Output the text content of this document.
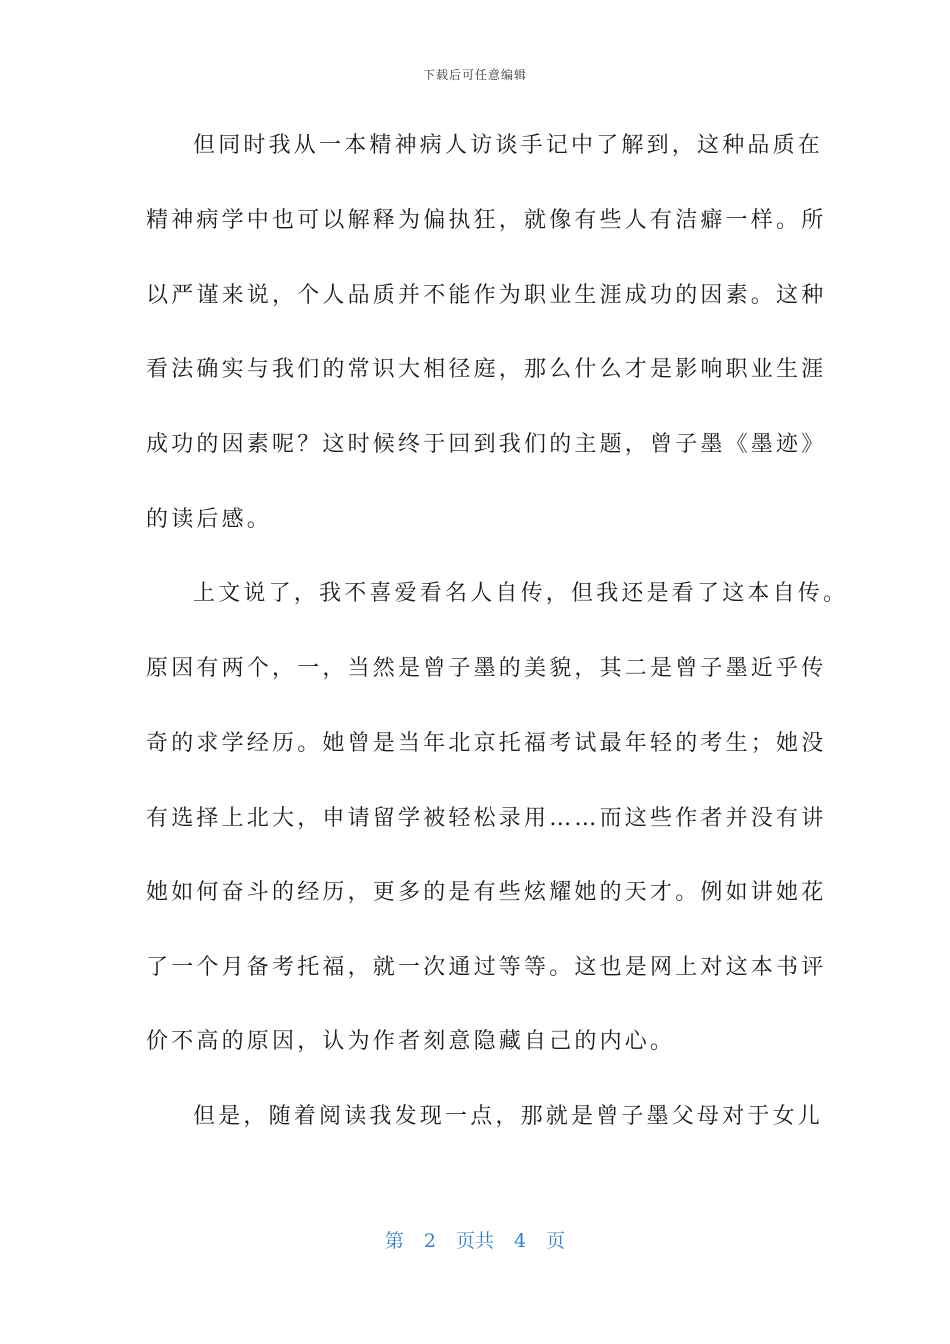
下载后可任意编辑
但同时我从一本精神病人访谈手记中了解到，这种品质在
精神病学中也可以解释为偏执狂，就像有些人有洁癖一样。所
以严谨来说，个人品质并不能作为职业生涯成功的因素。这种
看法确实与我们的常识大相径庭，那么什么才是影响职业生涯
成功的因素呢？这时候终于回到我们的主题，曾子墨《墨迹》
的读后感。
上文说了，我不喜爱看名人自传，但我还是看了这本自传。
原因有两个，一，当然是曾子墨的美貌，其二是曾子墨近乎传
奇的求学经历。她曾是当年北京托福考试最年轻的考生；她没
有选择上北大，申请留学被轻松录用……而这些作者并没有讲
她如何奋斗的经历，更多的是有些炫耀她的天才。例如讲她花
了一个月备考托福，就一次通过等等。这也是网上对这本书评
价不高的原因，认为作者刻意隐藏自己的内心。
但是，随着阅读我发现一点，那就是曾子墨父母对于女儿
第 2 页共 4 页
